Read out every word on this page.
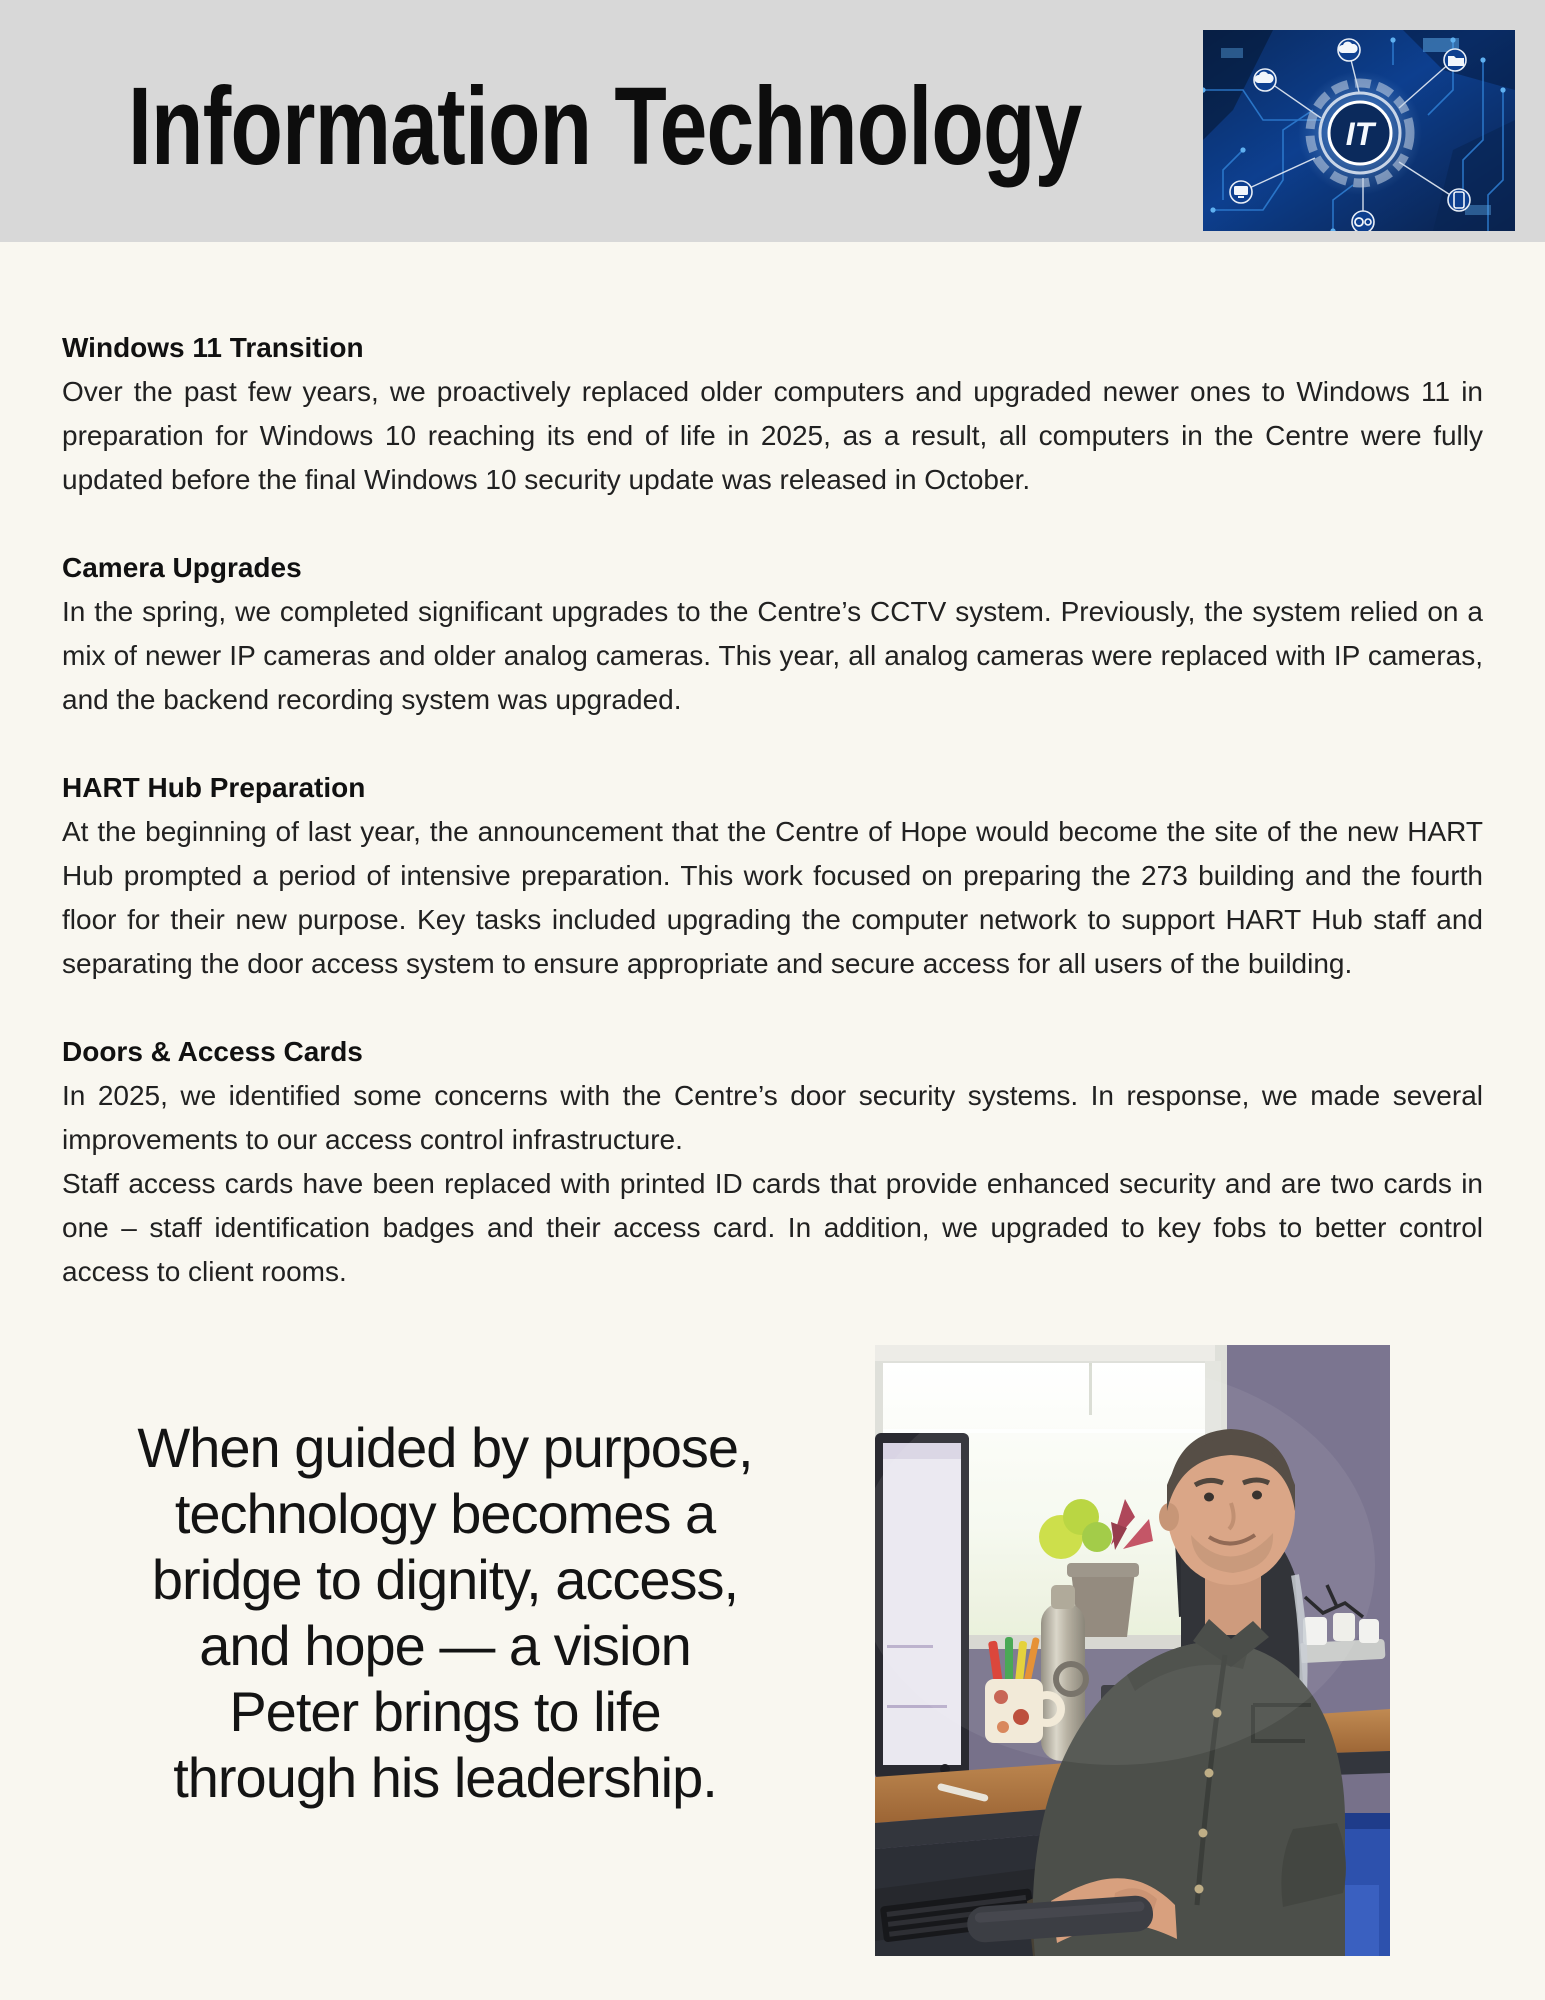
Information Technology	IT
Windows 11 Transition

Over the past few years, we proactively replaced older computers and upgraded newer ones to Windows 11 in preparation for Windows 10 reaching its end of life in 2025, as a result, all computers in the Centre were fully updated before the final Windows 10 security update was released in October.

Camera Upgrades

In the spring, we completed significant upgrades to the Centre’s CCTV system. Previously, the system relied on a mix of newer IP cameras and older analog cameras. This year, all analog cameras were replaced with IP cameras, and the backend recording system was upgraded.

HART Hub Preparation

At the beginning of last year, the announcement that the Centre of Hope would become the site of the new HART Hub prompted a period of intensive preparation. This work focused on preparing the 273 building and the fourth floor for their new purpose. Key tasks included upgrading the computer network to support HART Hub staff and separating the door access system to ensure appropriate and secure access for all users of the building.

Doors & Access Cards

In 2025, we identified some concerns with the Centre’s door security systems. In response, we made several improvements to our access control infrastructure.

Staff access cards have been replaced with printed ID cards that provide enhanced security and are two cards in one – staff identification badges and their access card. In addition, we upgraded to key fobs to better control access to client rooms.

When guided by purpose,
technology becomes a
bridge to dignity, access,
and hope — a vision
Peter brings to life
through his leadership.
